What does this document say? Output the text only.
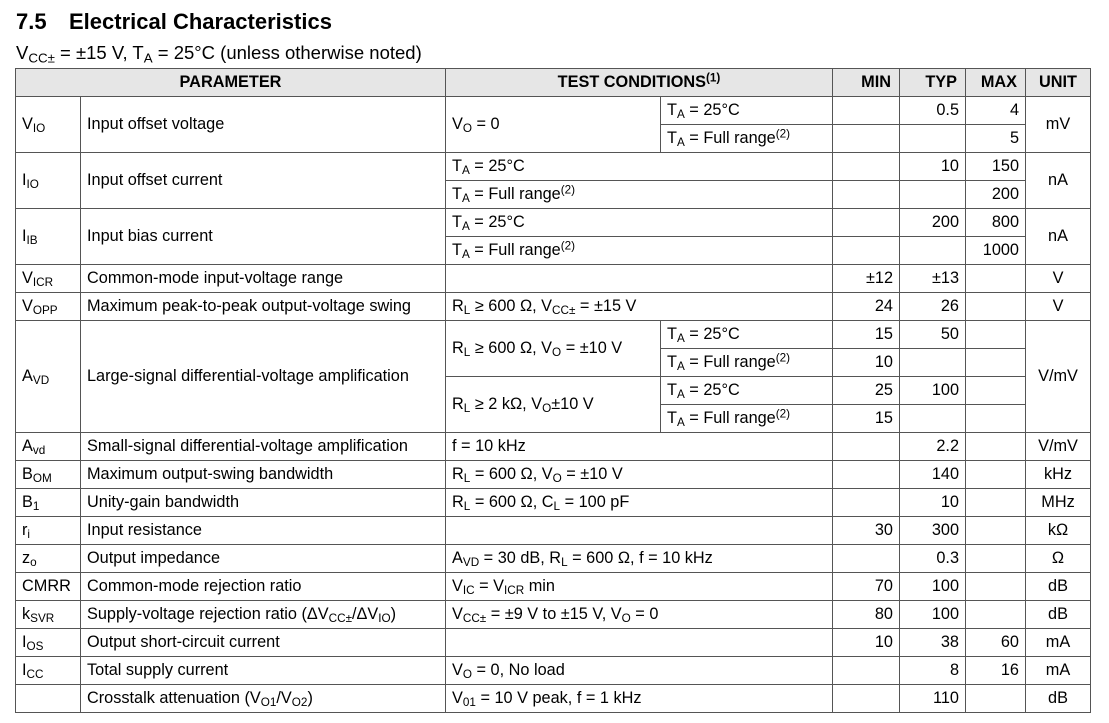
7.5 Electrical Characteristics

$V_{CC\pm} = \pm 15$ V, $T_A = 25^\circ C$ (unless otherwise noted)

PARAMETER		TEST CONDITIONS$^{(1)}$		MIN	TYP	MAX	UNIT
$V_{IO}$	Input offset voltage	$V_O = 0$	$T_A = 25^\circ C$		0.5	4	mV
			$T_A$ = Full range$^{(2)}$			5	
$I_{IO}$	Input offset current	$T_A = 25^\circ C$			10	150	nA
		$T_A$ = Full range$^{(2)}$				200	
$I_{IB}$	Input bias current	$T_A = 25^\circ C$			200	800	nA
		$T_A$ = Full range$^{(2)}$				1000	
$V_{ICR}$	Common-mode input-voltage range			±12	±13		V
$V_{OPP}$	Maximum peak-to-peak output-voltage swing	$R_L \ge 600$ Ω, $V_{CC\pm} = \pm 15$ V		24	26		V
$A_{VD}$	Large-signal differential-voltage amplification	$R_L \ge 600$ Ω, $V_O = \pm 10$ V	$T_A = 25^\circ C$	15	50		V/mV
			$T_A$ = Full range$^{(2)}$	10			
		$R_L \ge 2$ kΩ, $V_O\pm 10$ V	$T_A = 25^\circ C$	25	100		
			$T_A$ = Full range$^{(2)}$	15			
$A_{vd}$	Small-signal differential-voltage amplification	f = 10 kHz			2.2		V/mV
$B_{OM}$	Maximum output-swing bandwidth	$R_L = 600$ Ω, $V_O = \pm 10$ V			140		kHz
$B_1$	Unity-gain bandwidth	$R_L = 600$ Ω, $C_L = 100$ pF			10		MHz
$r_i$	Input resistance			30	300		kΩ
$z_o$	Output impedance	$A_{VD} = 30$ dB, $R_L = 600$ Ω, f = 10 kHz			0.3		Ω
CMRR	Common-mode rejection ratio	$V_{IC} = V_{ICR}$ min		70	100		dB
$k_{SVR}$	Supply-voltage rejection ratio $(\Delta V_{CC\pm}/\Delta V_{IO})$	$V_{CC\pm} = \pm 9$ V to ±15 V, $V_O = 0$		80	100		dB
$I_{OS}$	Output short-circuit current			10	38	60	mA
$I_{CC}$	Total supply current	$V_O = 0$, No load			8	16	mA
	Crosstalk attenuation $(V_{O1}/V_{O2})$	$V_{01} = 10$ V peak, f = 1 kHz			110		dB
